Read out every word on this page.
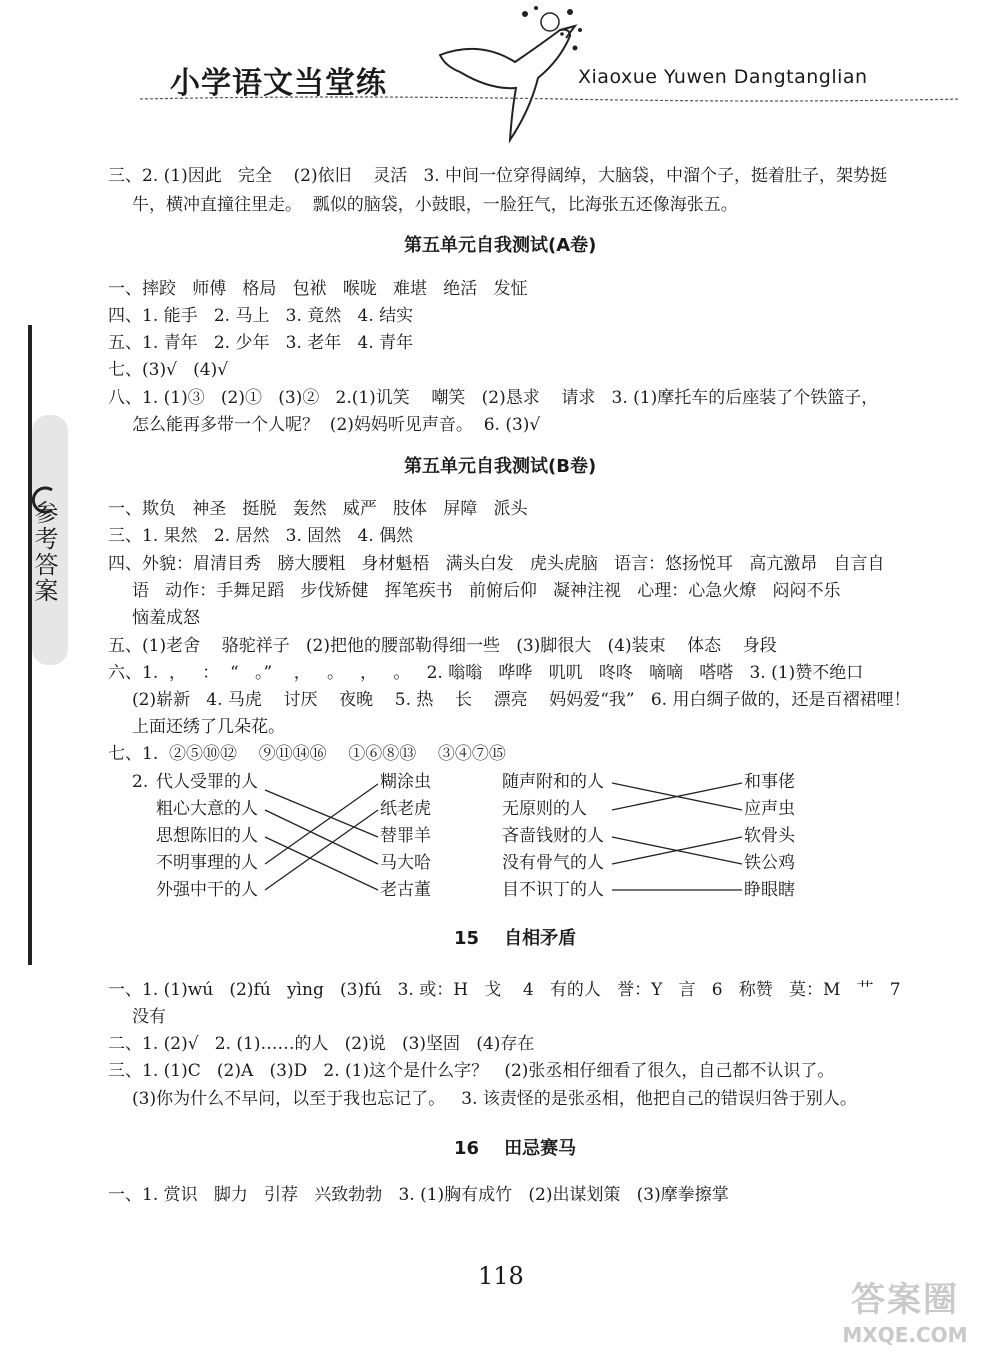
小学语文当堂练	Xiaoxue Yuwen Dangtanglian
参考答案
三、2. (1)因此   完全    (2)依旧    灵活   3. 中间一位穿得阔绰，大脑袋，中溜个子，挺着肚子，架势挺
牛，横冲直撞往里走。  瓢似的脑袋，小鼓眼，一脸狂气，比海张五还像海张五。
第五单元自我测试(A卷)
一、摔跤   师傅   格局   包袱   喉咙   难堪   绝活   发怔
四、1. 能手   2. 马上   3. 竟然   4. 结实
五、1. 青年   2. 少年   3. 老年   4. 青年
七、(3)√   (4)√
八、1. (1)③   (2)①   (3)②   2.(1)讥笑    嘲笑   (2)恳求    请求   3. (1)摩托车的后座装了个铁篮子，
怎么能再多带一个人呢？  (2)妈妈听见声音。  6. (3)√
第五单元自我测试(B卷)
一、欺负   神圣   挺脱   轰然   威严   肢体   屏障   派头
三、1. 果然   2. 居然   3. 固然   4. 偶然
四、外貌：眉清目秀   膀大腰粗   身材魁梧   满头白发   虎头虎脑   语言：悠扬悦耳   高亢激昂   自言自
语   动作：手舞足蹈   步伐矫健   挥笔疾书   前俯后仰   凝神注视   心理：心急火燎   闷闷不乐
恼羞成怒
五、(1)老舍    骆驼祥子   (2)把他的腰部勒得细一些   (3)脚很大   (4)装束    体态    身段
六、1.  ，   ：  “   。”    ，   。   ，   。   2. 嗡嗡   哗哗   叽叽   咚咚   嘀嘀   嗒嗒   3. (1)赞不绝口
(2)崭新   4. 马虎    讨厌    夜晚    5. 热    长    漂亮    妈妈爱“我”   6. 用白绸子做的，还是百褶裙哩！
上面还绣了几朵花。
七、1.  ②⑤⑩⑫    ⑨⑪⑭⑯    ①⑥⑧⑬    ③④⑦⑮
2. 代人受罪的人
粗心大意的人
思想陈旧的人
不明事理的人
外强中干的人
糊涂虫
纸老虎
替罪羊
马大哈
老古董
随声附和的人
无原则的人
吝啬钱财的人
没有骨气的人
目不识丁的人
和事佬
应声虫
软骨头
铁公鸡
睁眼瞎
15    自相矛盾
一、1. (1)wú   (2)fú   yìng   (3)fú   3. 或：H   戈    4   有的人   誉：Y   言   6   称赞   莫：M   艹   7
没有
二、1. (2)√   2. (1)……的人   (2)说   (3)坚固   (4)存在
三、1. (1)C   (2)A   (3)D   2. (1)这个是什么字？   (2)张丞相仔细看了很久，自己都不认识了。
(3)你为什么不早问，以至于我也忘记了。   3. 该责怪的是张丞相，他把自己的错误归咎于别人。
16    田忌赛马
一、1. 赏识   脚力   引荐   兴致勃勃   3. (1)胸有成竹   (2)出谋划策   (3)摩拳擦掌
118
答案圈
MXQE.COM
